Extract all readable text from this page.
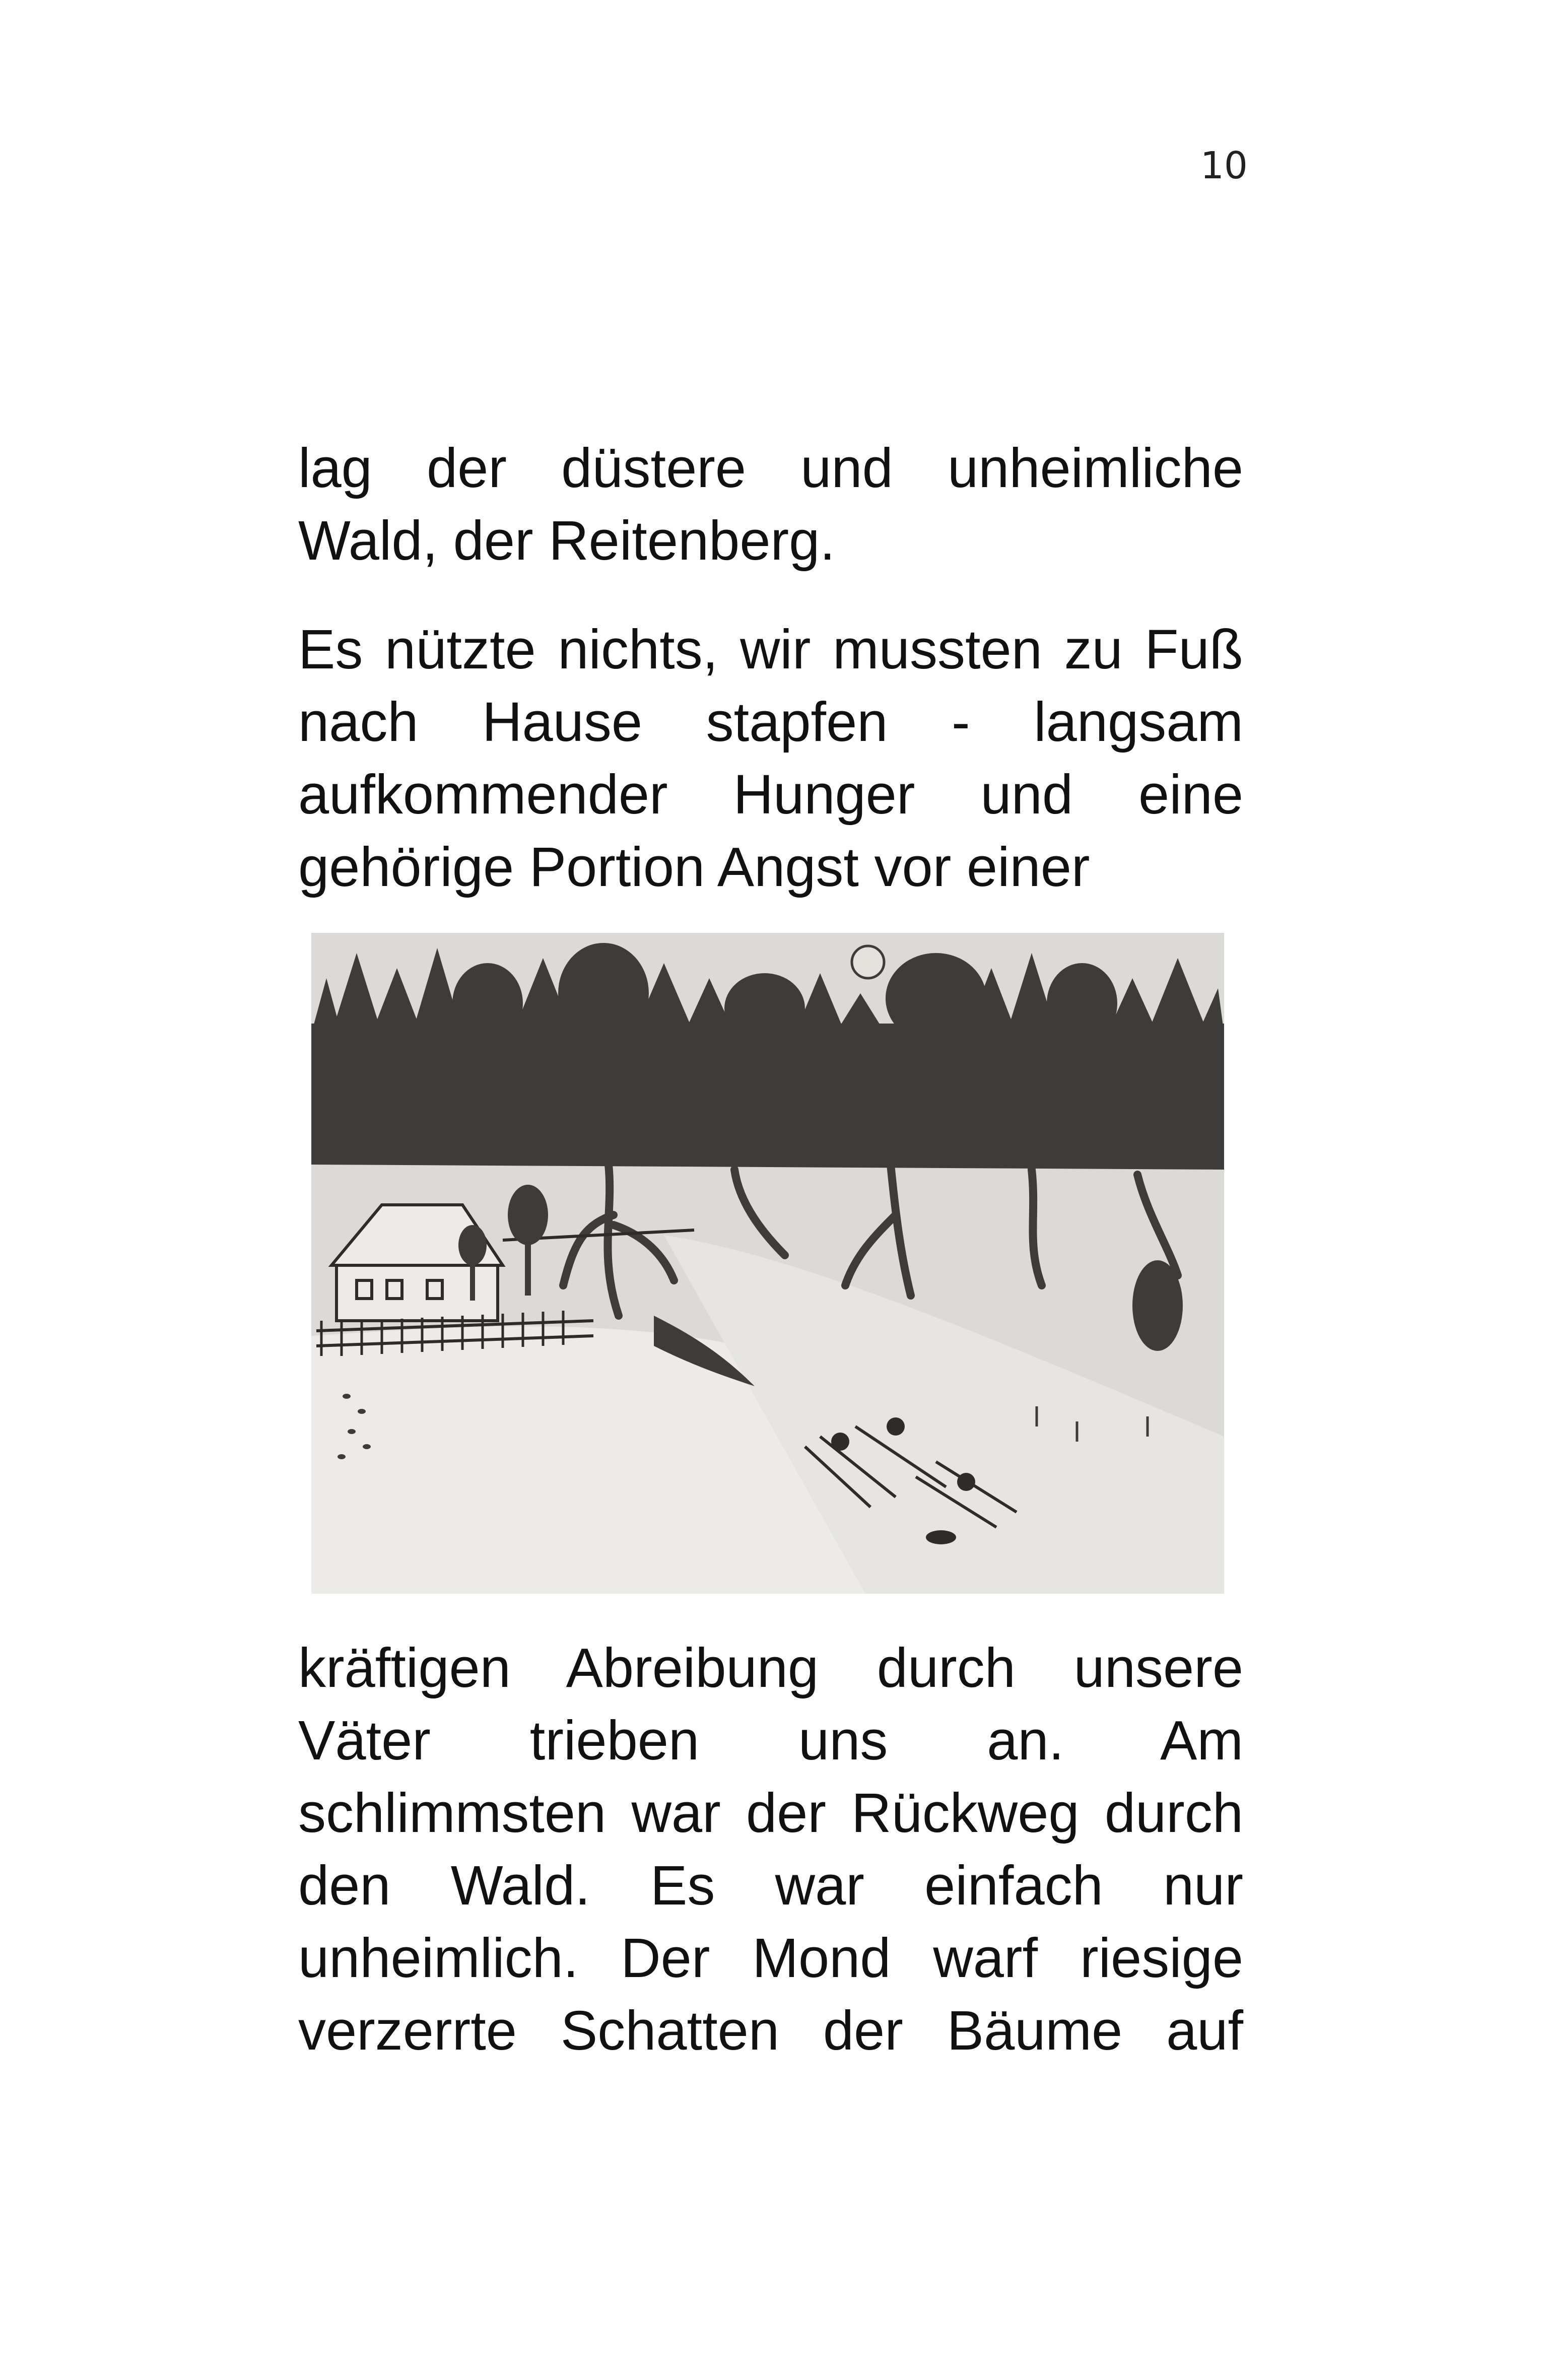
10

lag der düstere und unheimliche
Wald, der Reitenberg.

Es nützte nichts, wir mussten zu Fuß
nach Hause stapfen - langsam
aufkommender Hunger und eine
gehörige Portion Angst vor einer

kräftigen Abreibung durch unsere
Väter trieben uns an. Am
schlimmsten war der Rückweg durch
den Wald. Es war einfach nur
unheimlich. Der Mond warf riesige
verzerrte Schatten der Bäume auf
